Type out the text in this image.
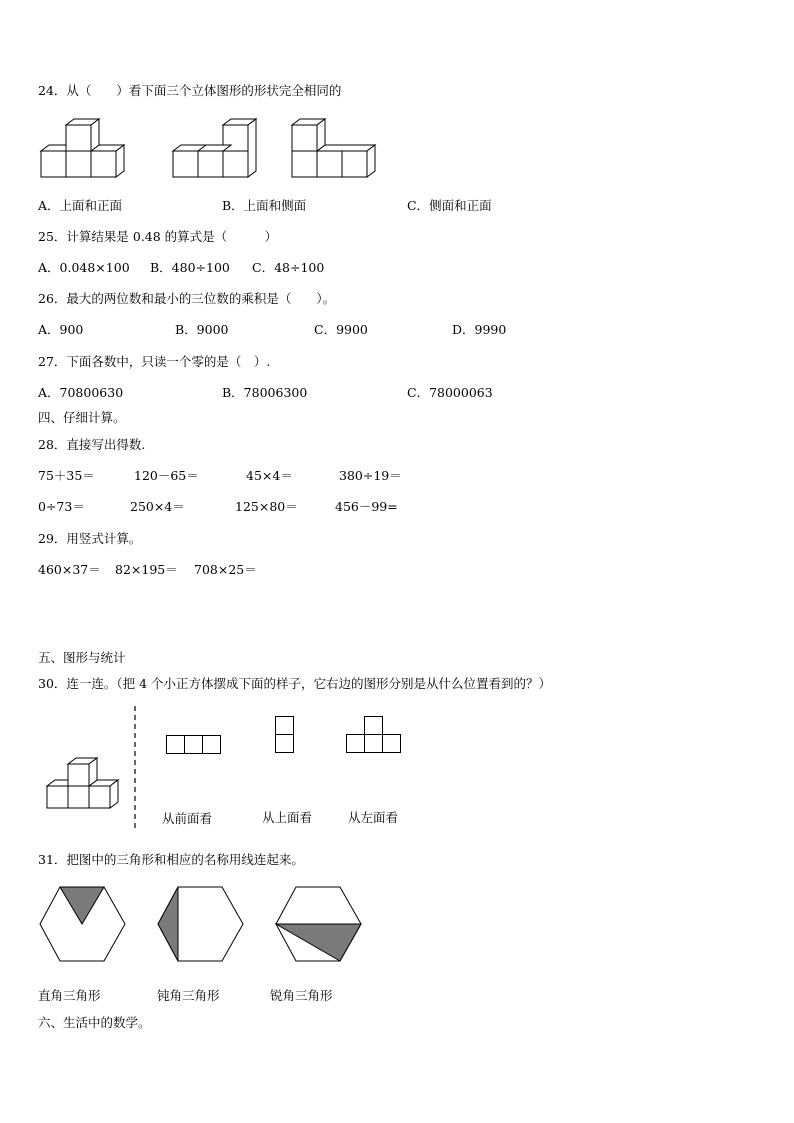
24．从（　　）看下面三个立体图形的形状完全相同的
A．上面和正面	B．上面和侧面	C．侧面和正面
25．计算结果是 0.48 的算式是（　　　）
A．0.048×100 B．480÷100 C．48÷100
26．最大的两位数和最小的三位数的乘积是（　　）。
A．900	B．9000	C．9900	D．9990
27．下面各数中，只读一个零的是（　）.
A．70800630	B．78006300	C．78000063
四、仔细计算。
28．直接写出得数.
75＋35＝	120－65＝	45×4＝	380÷19＝
0÷73＝	250×4＝	125×80＝	456－99=
29．用竖式计算。
460×37＝ 82×195＝ 708×25＝
五、图形与统计
30．连一连。（把 4 个小正方体摆成下面的样子，它右边的图形分别是从什么位置看到的？）
从前面看	从上面看	从左面看
31．把图中的三角形和相应的名称用线连起来。
直角三角形	钝角三角形	锐角三角形
六、生活中的数学。
